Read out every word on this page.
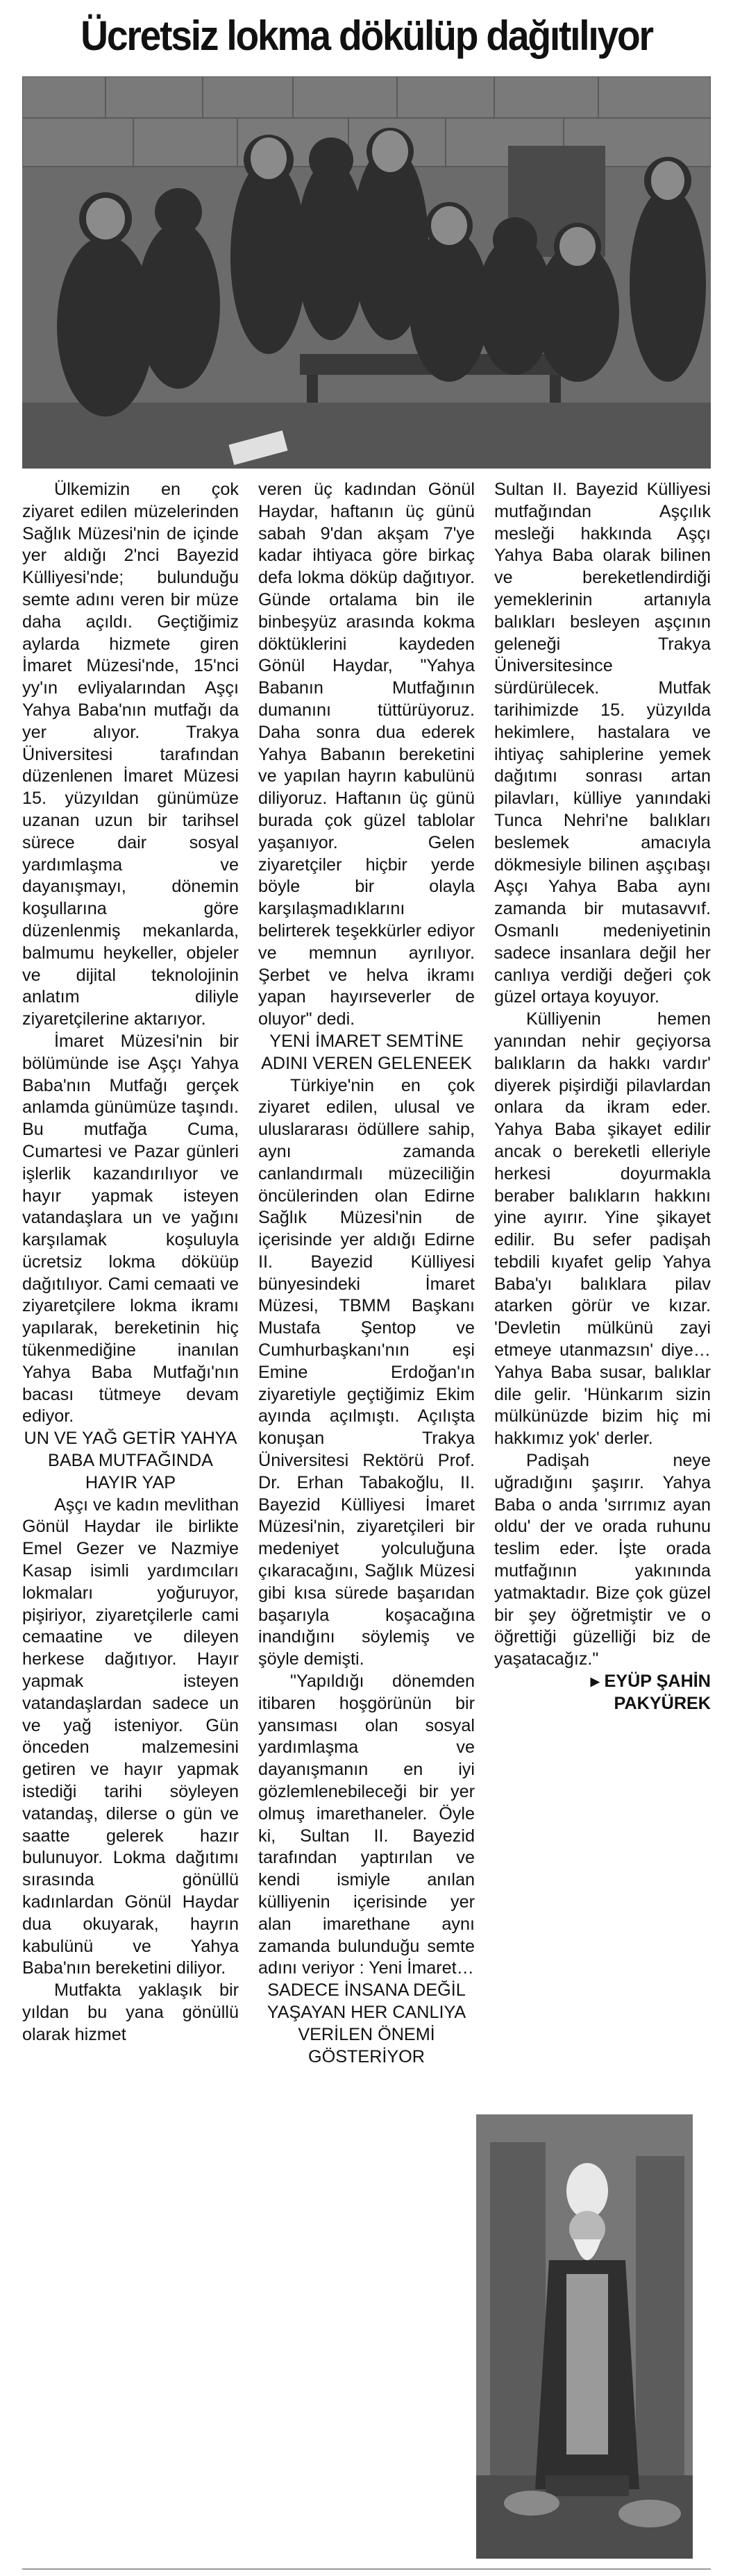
Ücretsiz lokma dökülüp dağıtılıyor

Ülkemizin en çok ziyaret edilen müzelerinden Sağlık Müzesi'nin de içinde yer aldığı 2'nci Bayezid Külliyesi'nde; bulunduğu semte adını veren bir müze daha açıldı. Geçtiğimiz aylarda hizmete giren İmaret Müzesi'nde, 15'nci yy'ın evliyalarından Aşçı Yahya Baba'nın mutfağı da yer alıyor. Trakya Üniversitesi tarafından düzenlenen İmaret Müzesi 15. yüzyıldan günümüze uzanan uzun bir tarihsel sürece dair sosyal yardımlaşma ve dayanışmayı, dönemin koşullarına göre düzenlenmiş mekanlarda, balmumu heykeller, objeler ve dijital teknolojinin anlatım diliyle ziyaretçilerine aktarıyor.

İmaret Müzesi'nin bir bölümünde ise Aşçı Yahya Baba'nın Mutfağı gerçek anlamda günümüze taşındı. Bu mutfağa Cuma, Cumartesi ve Pazar günleri işlerlik kazandırılıyor ve hayır yapmak isteyen vatandaşlara un ve yağını karşılamak koşuluyla ücretsiz lokma döküüp dağıtılıyor. Cami cemaati ve ziyaretçilere lokma ikramı yapılarak, bereketinin hiç tükenmediğine inanılan Yahya Baba Mutfağı'nın bacası tütmeye devam ediyor.

UN VE YAĞ GETİR YAHYA BABA MUTFAĞINDA HAYIR YAP

Aşçı ve kadın mevlithan Gönül Haydar ile birlikte Emel Gezer ve Nazmiye Kasap isimli yardımcıları lokmaları yoğuruyor, pişiriyor, ziyaretçilerle cami cemaatine ve dileyen herkese dağıtıyor. Hayır yapmak isteyen vatandaşlardan sadece un ve yağ isteniyor. Gün önceden malzemesini getiren ve hayır yapmak istediği tarihi söyleyen vatandaş, dilerse o gün ve saatte gelerek hazır bulunuyor. Lokma dağıtımı sırasında gönüllü kadınlardan Gönül Haydar dua okuyarak, hayrın kabulünü ve Yahya Baba'nın bereketini diliyor.

Mutfakta yaklaşık bir yıldan bu yana gönüllü olarak hizmet

veren üç kadından Gönül Haydar, haftanın üç günü sabah 9'dan akşam 7'ye kadar ihtiyaca göre birkaç defa lokma döküp dağıtıyor. Günde ortalama bin ile binbeşyüz arasında kokma döktüklerini kaydeden Gönül Haydar, "Yahya Babanın Mutfağının dumanını tüttürüyoruz. Daha sonra dua ederek Yahya Babanın bereketini ve yapılan hayrın kabulünü diliyoruz. Haftanın üç günü burada çok güzel tablolar yaşanıyor. Gelen ziyaretçiler hiçbir yerde böyle bir olayla karşılaşmadıklarını belirterek teşekkürler ediyor ve memnun ayrılıyor. Şerbet ve helva ikramı yapan hayırseverler de oluyor" dedi.

YENİ İMARET SEMTİNE ADINI VEREN GELENEEK

Türkiye'nin en çok ziyaret edilen, ulusal ve uluslararası ödüllere sahip, aynı zamanda canlandırmalı müzeciliğin öncülerinden olan Edirne Sağlık Müzesi'nin de içerisinde yer aldığı Edirne II. Bayezid Külliyesi bünyesindeki İmaret Müzesi, TBMM Başkanı Mustafa Şentop ve Cumhurbaşkanı'nın eşi Emine Erdoğan'ın ziyaretiyle geçtiğimiz Ekim ayında açılmıştı. Açılışta konuşan Trakya Üniversitesi Rektörü Prof. Dr. Erhan Tabakoğlu, II. Bayezid Külliyesi İmaret Müzesi'nin, ziyaretçileri bir medeniyet yolculuğuna çıkaracağını, Sağlık Müzesi gibi kısa sürede başarıdan başarıyla koşacağına inandığını söylemiş ve şöyle demişti.

"Yapıldığı dönemden itibaren hoşgörünün bir yansıması olan sosyal yardımlaşma ve dayanışmanın en iyi gözlemlenebileceği bir yer olmuş imarethaneler. Öyle ki, Sultan II. Bayezid tarafından yaptırılan ve kendi ismiyle anılan külliyenin içerisinde yer alan imarethane aynı zamanda bulunduğu semte adını veriyor : Yeni İmaret…

SADECE İNSANA DEĞİL YAŞAYAN HER CANLIYA VERİLEN ÖNEMİ GÖSTERİYOR

Sultan II. Bayezid Külliyesi mutfağından Aşçılık mesleği hakkında Aşçı Yahya Baba olarak bilinen ve bereketlendirdiği yemeklerinin artanıyla balıkları besleyen aşçının geleneği Trakya Üniversitesince sürdürülecek. Mutfak tarihimizde 15. yüzyılda hekimlere, hastalara ve ihtiyaç sahiplerine yemek dağıtımı sonrası artan pilavları, külliye yanındaki Tunca Nehri'ne balıkları beslemek amacıyla dökmesiyle bilinen aşçıbaşı Aşçı Yahya Baba aynı zamanda bir mutasavvıf. Osmanlı medeniyetinin sadece insanlara değil her canlıya verdiği değeri çok güzel ortaya koyuyor.

Külliyenin hemen yanından nehir geçiyorsa balıkların da hakkı vardır' diyerek pişirdiği pilavlardan onlara da ikram eder. Yahya Baba şikayet edilir ancak o bereketli elleriyle herkesi doyurmakla beraber balıkların hakkını yine ayırır. Yine şikayet edilir. Bu sefer padişah tebdili kıyafet gelip Yahya Baba'yı balıklara pilav atarken görür ve kızar. 'Devletin mülkünü zayi etmeye utanmazsın' diye… Yahya Baba susar, balıklar dile gelir. 'Hünkarım sizin mülkünüzde bizim hiç mi hakkımız yok' derler.

Padişah neye uğradığını şaşırır. Yahya Baba o anda 'sırrımız ayan oldu' der ve orada ruhunu teslim eder. İşte orada mutfağının yakınında yatmaktadır. Bize çok güzel bir şey öğretmiştir ve o öğrettiği güzelliği biz de yaşatacağız."

▸ EYÜP ŞAHİN PAKYÜREK
